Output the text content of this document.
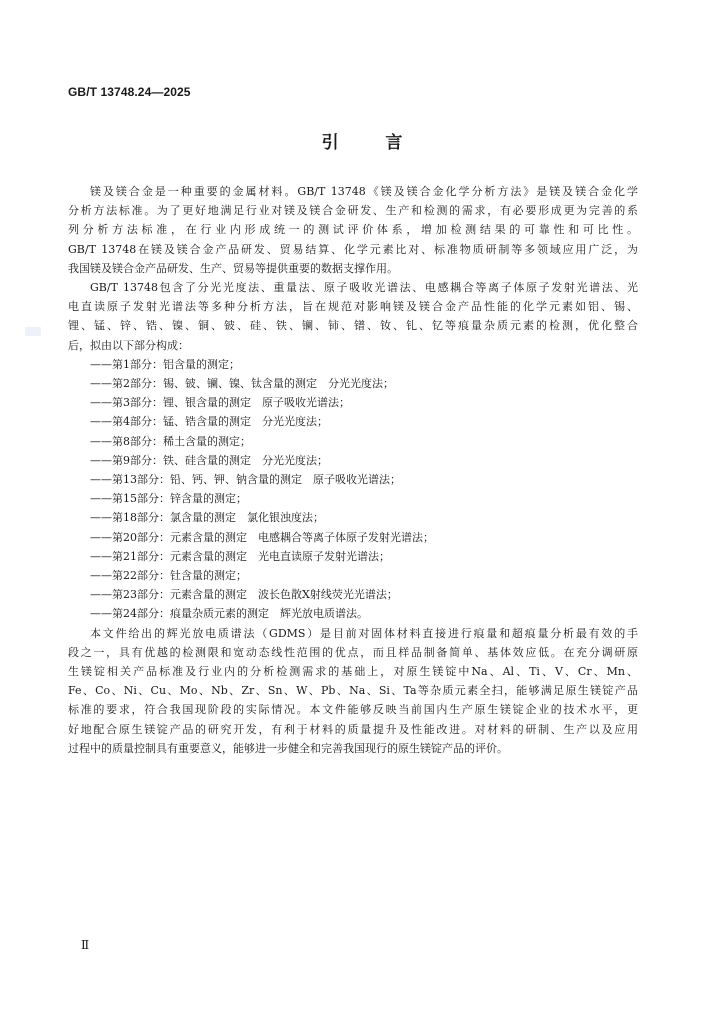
GB/T 13748.24—2025
引 言

镁及镁合金是一种重要的金属材料。GB/T 13748《镁及镁合金化学分析方法》是镁及镁合金化学

分析方法标准。为了更好地满足行业对镁及镁合金研发、生产和检测的需求，有必要形成更为完善的系

列分析方法标准，在行业内形成统一的测试评价体系，增加检测结果的可靠性和可比性。

GB/T 13748在镁及镁合金产品研发、贸易结算、化学元素比对、标准物质研制等多领域应用广泛，为

我国镁及镁合金产品研发、生产、贸易等提供重要的数据支撑作用。

GB/T 13748包含了分光光度法、重量法、原子吸收光谱法、电感耦合等离子体原子发射光谱法、光

电直读原子发射光谱法等多种分析方法，旨在规范对影响镁及镁合金产品性能的化学元素如铝、锡、

锂、锰、锌、锆、镍、铜、铍、硅、铁、镧、铈、镨、钕、钆、钇等痕量杂质元素的检测，优化整合

后，拟由以下部分构成：

——第1部分：铝含量的测定；

——第2部分：锡、铍、镧、镍、钛含量的测定　分光光度法；

——第3部分：锂、银含量的测定　原子吸收光谱法；

——第4部分：锰、锆含量的测定　分光光度法；

——第8部分：稀土含量的测定；

——第9部分：铁、硅含量的测定　分光光度法；

——第13部分：铅、钙、钾、钠含量的测定　原子吸收光谱法；

——第15部分：锌含量的测定；

——第18部分：氯含量的测定　氯化银浊度法；

——第20部分：元素含量的测定　电感耦合等离子体原子发射光谱法；

——第21部分：元素含量的测定　光电直读原子发射光谱法；

——第22部分：钍含量的测定；

——第23部分：元素含量的测定　波长色散X射线荧光光谱法；

——第24部分：痕量杂质元素的测定　辉光放电质谱法。

本文件给出的辉光放电质谱法（GDMS）是目前对固体材料直接进行痕量和超痕量分析最有效的手

段之一，具有优越的检测限和宽动态线性范围的优点，而且样品制备简单、基体效应低。在充分调研原

生镁锭相关产品标准及行业内的分析检测需求的基础上，对原生镁锭中Na、Al、Ti、V、Cr、Mn、

Fe、Co、Ni、Cu、Mo、Nb、Zr、Sn、W、Pb、Na、Si、Ta等杂质元素全扫，能够满足原生镁锭产品

标准的要求，符合我国现阶段的实际情况。本文件能够反映当前国内生产原生镁锭企业的技术水平，更

好地配合原生镁锭产品的研究开发，有利于材料的质量提升及性能改进。对材料的研制、生产以及应用

过程中的质量控制具有重要意义，能够进一步健全和完善我国现行的原生镁锭产品的评价。

Ⅱ
